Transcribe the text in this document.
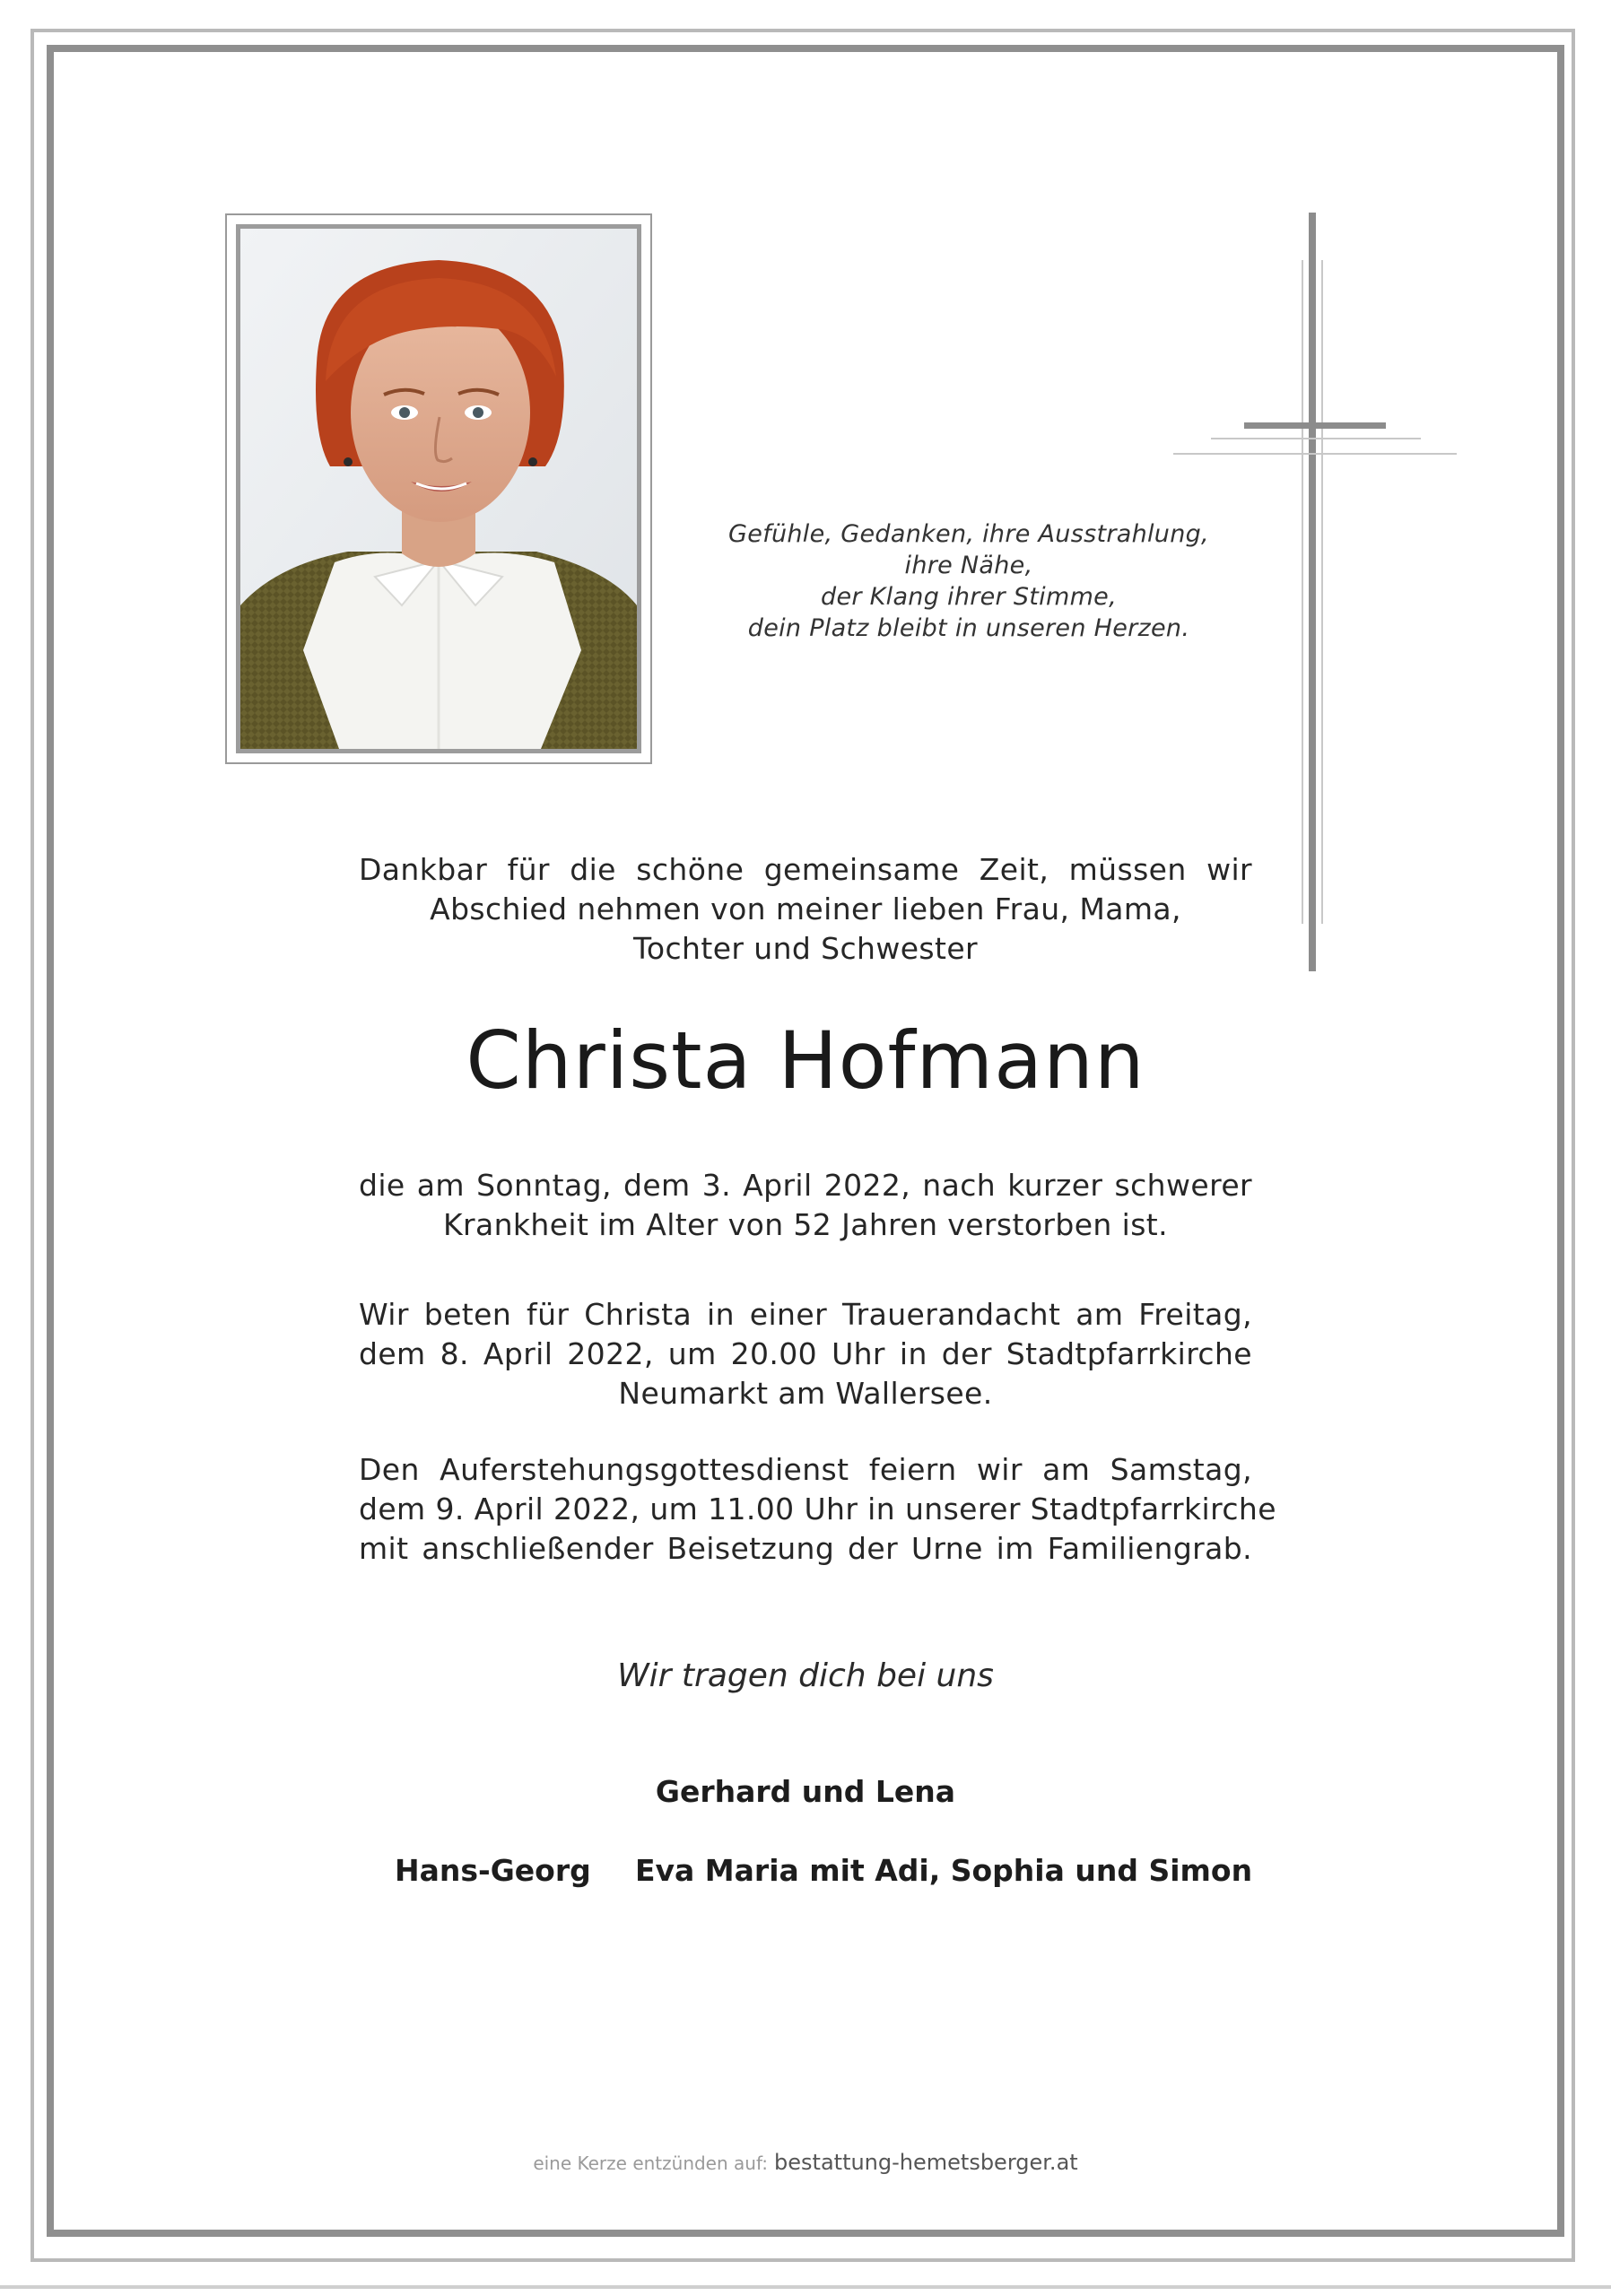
Gefühle, Gedanken, ihre Ausstrahlung,
ihre Nähe,
der Klang ihrer Stimme,
dein Platz bleibt in unseren Herzen.
Dankbar für die schöne gemeinsame Zeit, müssen wir
Abschied nehmen von meiner lieben Frau, Mama,
Tochter und Schwester
Christa Hofmann
die am Sonntag, dem 3. April 2022, nach kurzer schwerer
Krankheit im Alter von 52 Jahren verstorben ist.
Wir beten für Christa in einer Trauerandacht am Freitag,
dem 8. April 2022, um 20.00 Uhr in der Stadtpfarrkirche
Neumarkt am Wallersee.
Den Auferstehungsgottesdienst feiern wir am Samstag,
dem 9. April 2022, um 11.00 Uhr in unserer Stadtpfarrkirche
mit anschließender Beisetzung der Urne im Familiengrab.
Wir tragen dich bei uns
Gerhard und Lena
Hans-Georg Eva Maria mit Adi, Sophia und Simon
eine Kerze entzünden auf: bestattung-hemetsberger.at
